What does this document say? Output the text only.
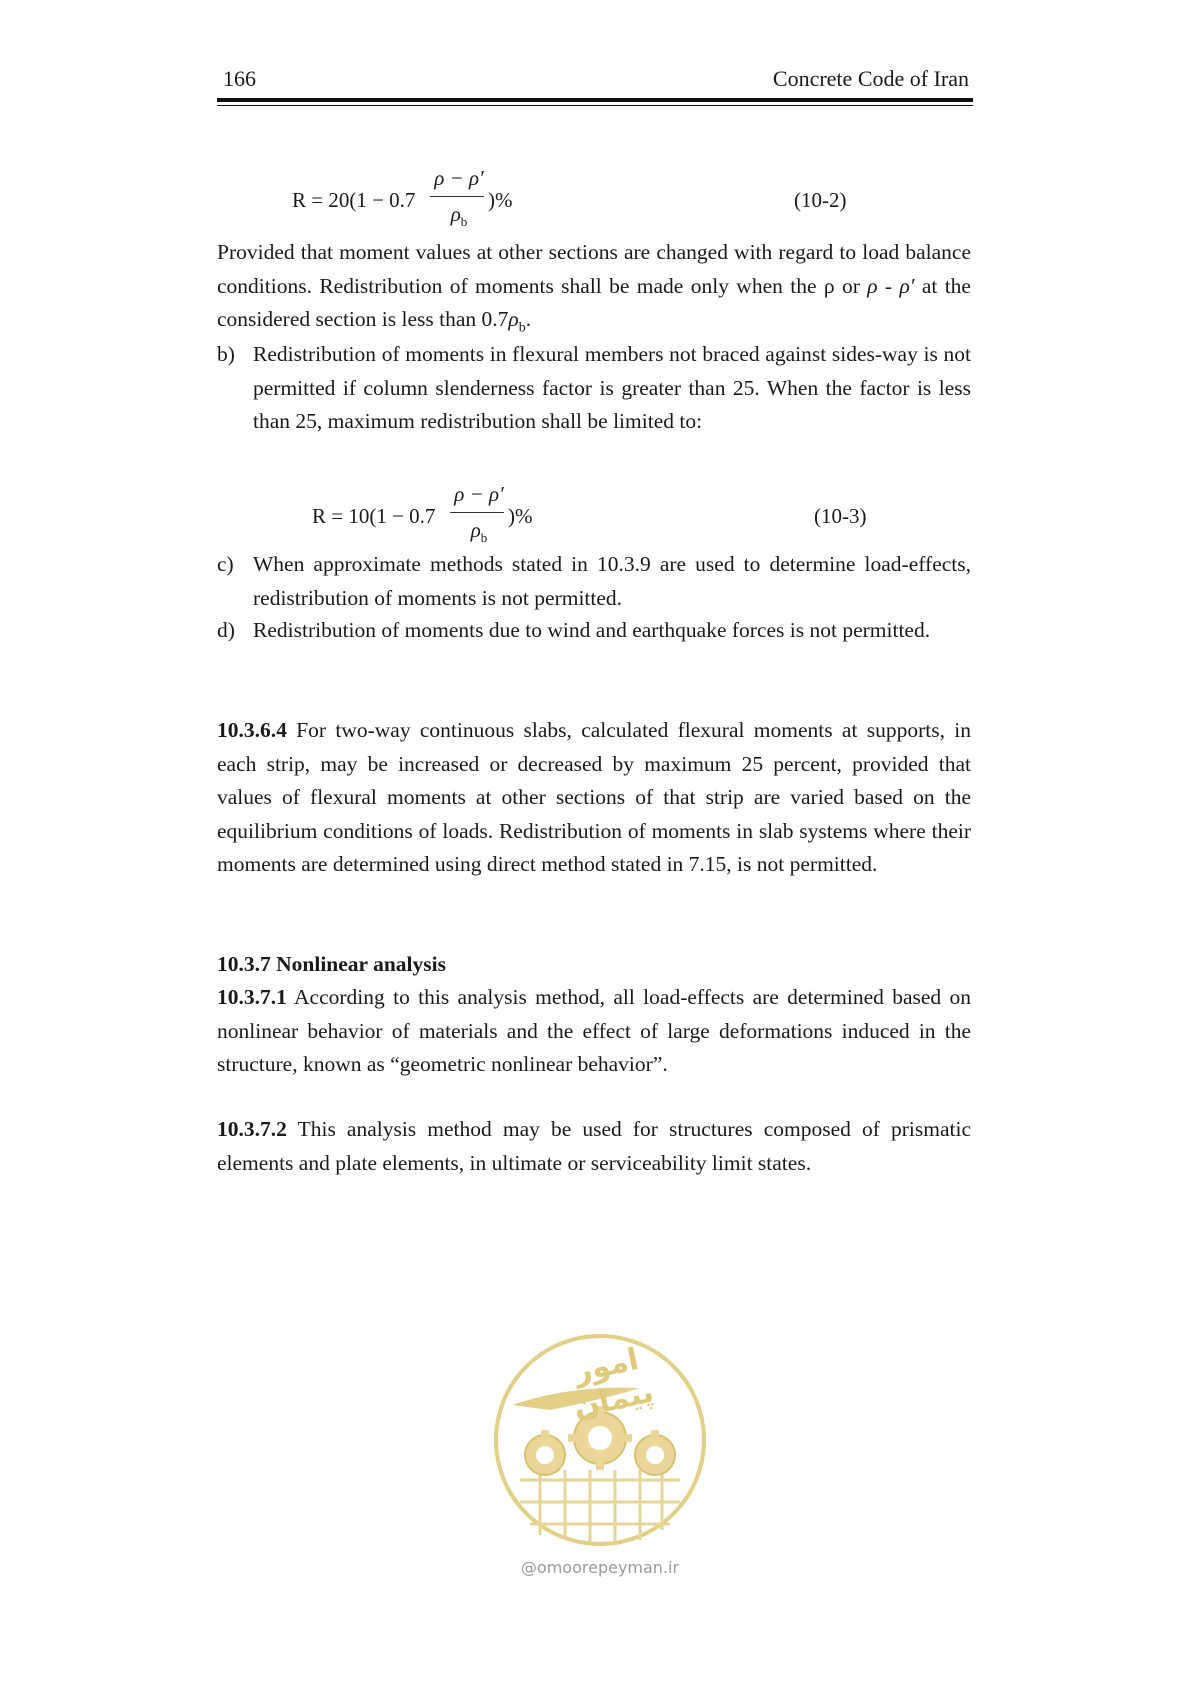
166	Concrete Code of Iran
R = 20(1 − 0.7
ρ − ρ′
$\rho_b$
)%	(10-2)

Provided that moment values at other sections are changed with regard to load balance conditions. Redistribution of moments shall be made only when the ρ or ρ - ρ′ at the considered section is less than $0.7\rho_b$.

b) Redistribution of moments in flexural members not braced against sides-way is not permitted if column slenderness factor is greater than 25. When the factor is less than 25, maximum redistribution shall be limited to:
R = 10(1 − 0.7
ρ − ρ′
$\rho_b$
)%	(10-3)
c) When approximate methods stated in 10.3.9 are used to determine load-effects, redistribution of moments is not permitted.
d) Redistribution of moments due to wind and earthquake forces is not permitted.

10.3.6.4 For two-way continuous slabs, calculated flexural moments at supports, in each strip, may be increased or decreased by maximum 25 percent, provided that values of flexural moments at other sections of that strip are varied based on the equilibrium conditions of loads. Redistribution of moments in slab systems where their moments are determined using direct method stated in 7.15, is not permitted.

10.3.7 Nonlinear analysis

10.3.7.1 According to this analysis method, all load-effects are determined based on nonlinear behavior of materials and the effect of large deformations induced in the structure, known as “geometric nonlinear behavior”.

10.3.7.2 This analysis method may be used for structures composed of prismatic elements and plate elements, in ultimate or serviceability limit states.

امور پیمان
@omoorepeyman.ir
